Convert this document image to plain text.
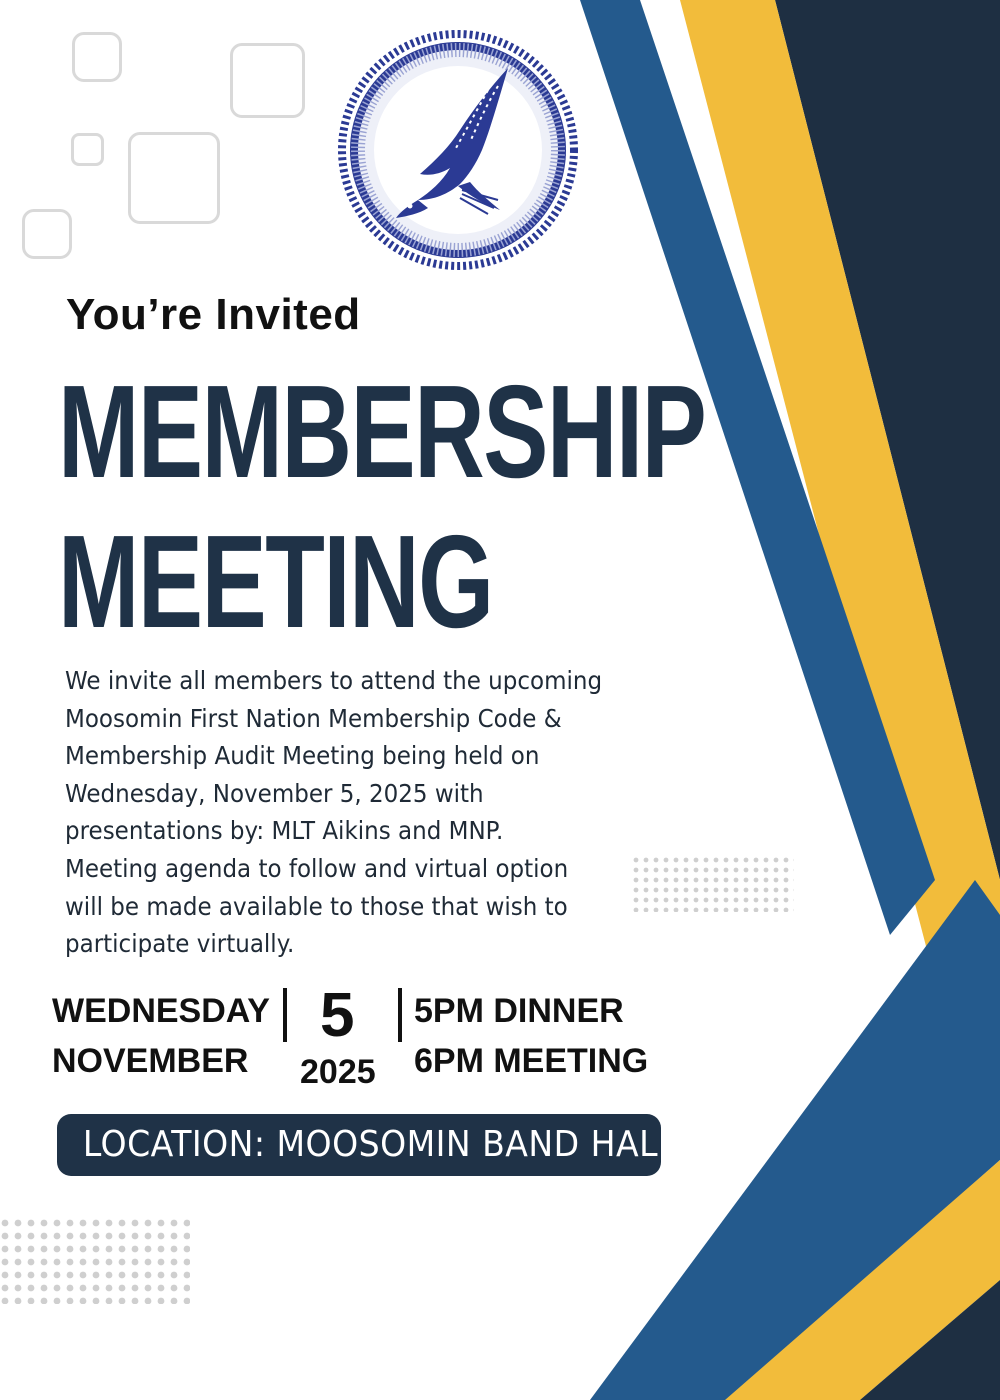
You’re Invited
MEMBERSHIP
MEETING
We invite all members to attend the upcoming
Moosomin First Nation Membership Code &
Membership Audit Meeting being held on
Wednesday, November 5, 2025 with
presentations by: MLT Aikins and MNP.
Meeting agenda to follow and virtual option
will be made available to those that wish to
participate virtually.
WEDNESDAY
NOVEMBER
5
2025
5PM DINNER
6PM MEETING
LOCATION: MOOSOMIN BAND HALL
